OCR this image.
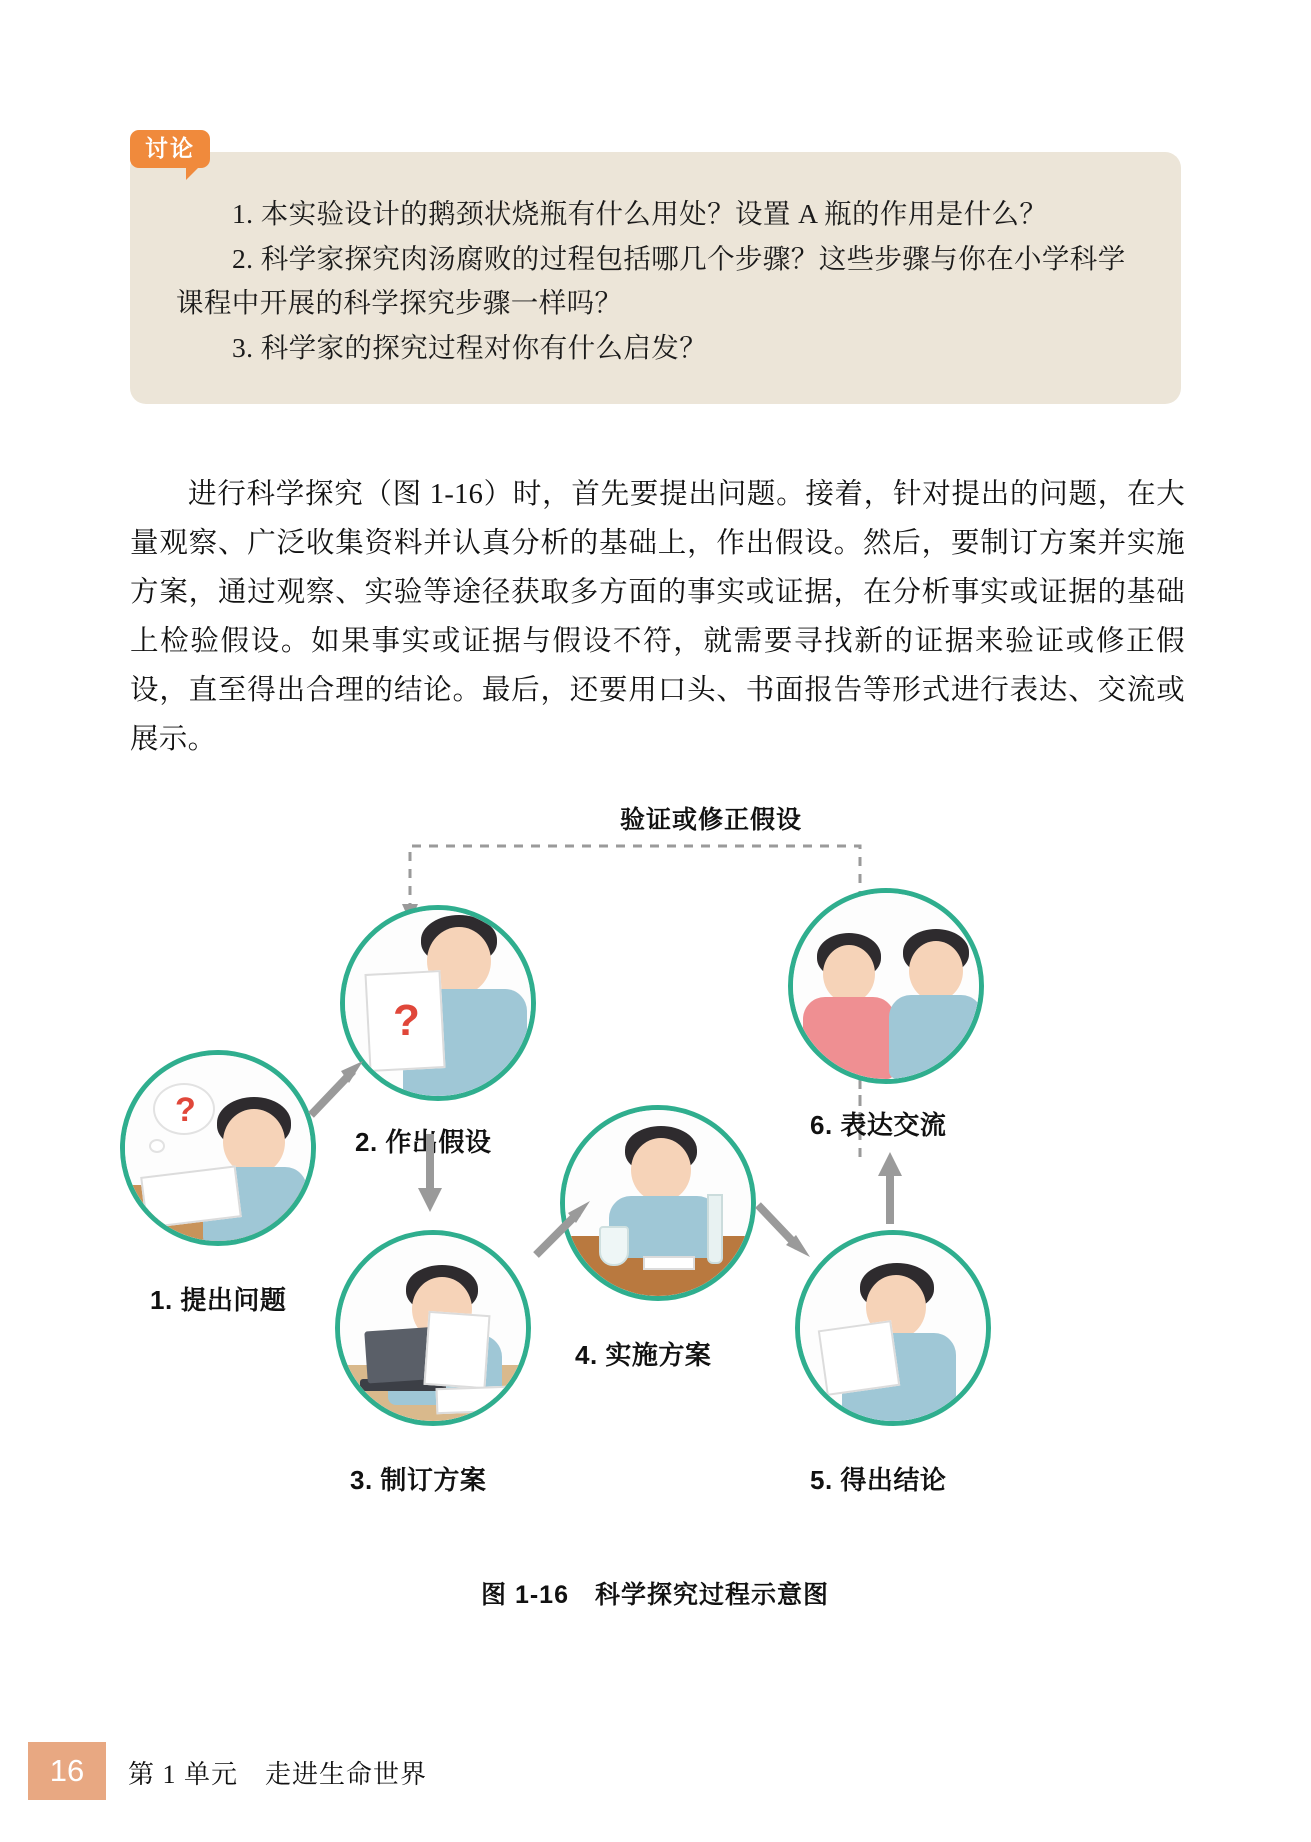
讨论
1. 本实验设计的鹅颈状烧瓶有什么用处？设置 A 瓶的作用是什么？
2. 科学家探究肉汤腐败的过程包括哪几个步骤？这些步骤与你在小学科学课程中开展的科学探究步骤一样吗？
3. 科学家的探究过程对你有什么启发？
进行科学探究（图 1-16）时，首先要提出问题。接着，针对提出的问题，在大量观察、广泛收集资料并认真分析的基础上，作出假设。然后，要制订方案并实施方案，通过观察、实验等途径获取多方面的事实或证据，在分析事实或证据的基础上检验假设。如果事实或证据与假设不符，就需要寻找新的证据来验证或修正假设，直至得出合理的结论。最后，还要用口头、书面报告等形式进行表达、交流或展示。
验证或修正假设
?
1. 提出问题
?
2. 作出假设
3. 制订方案
4. 实施方案
5. 得出结论
6. 表达交流
图 1-16　科学探究过程示意图
16	第 1 单元　走进生命世界
